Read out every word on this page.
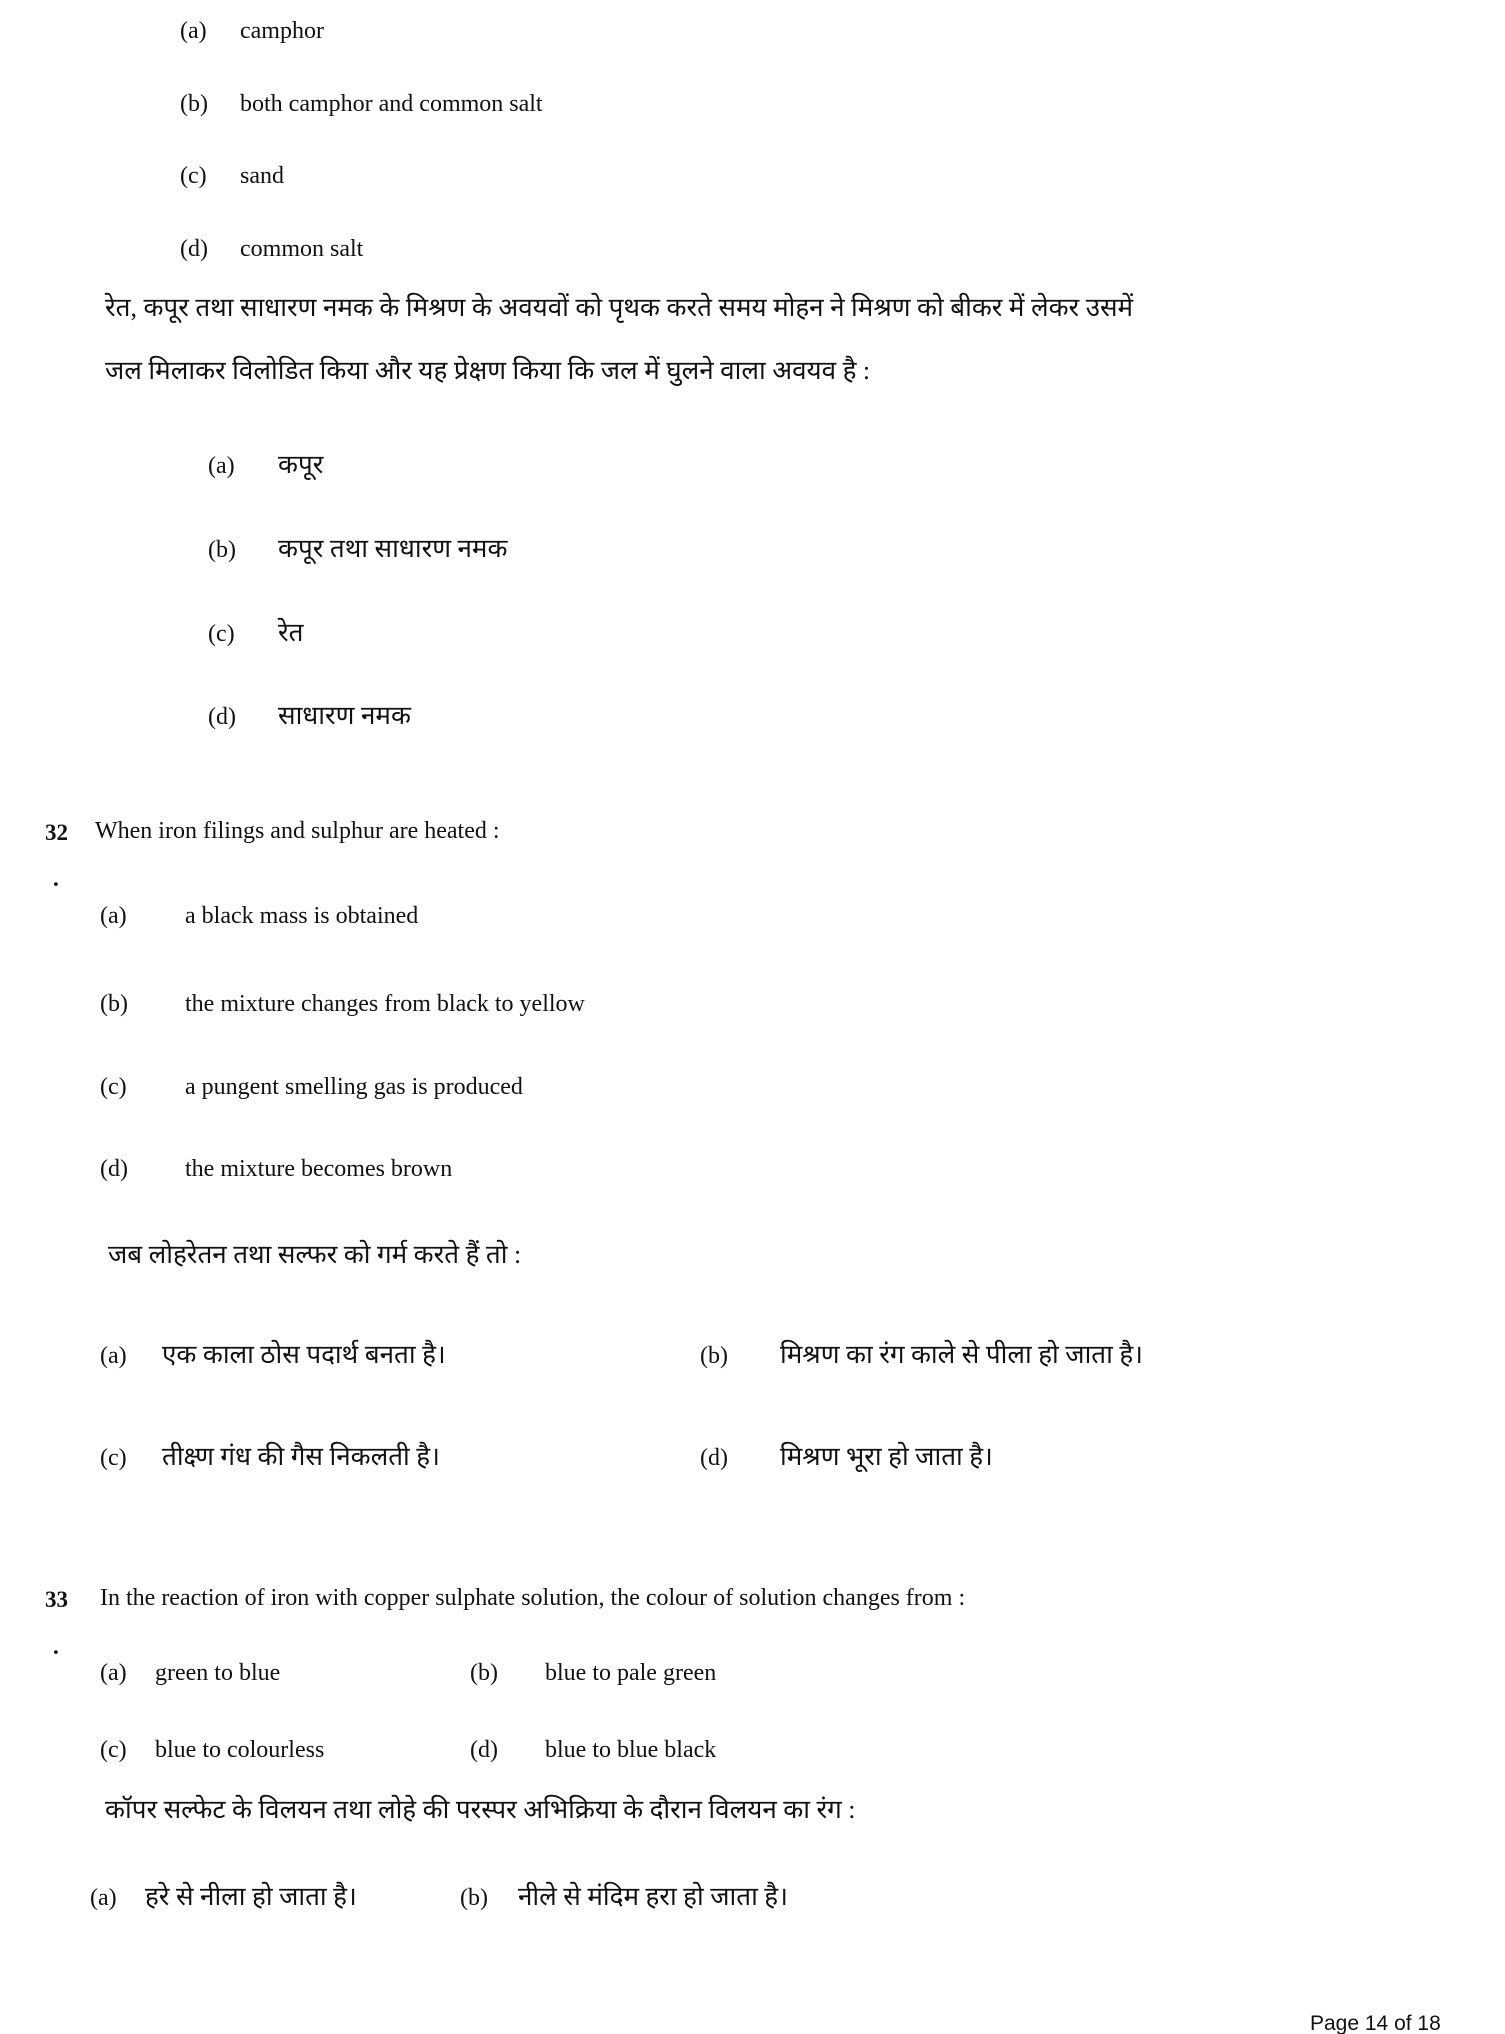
(a) camphor
(b) both camphor and common salt
(c) sand
(d) common salt
रेत, कपूर तथा साधारण नमक के मिश्रण के अवयवों को पृथक करते समय मोहन ने मिश्रण को बीकर में लेकर उसमें
जल मिलाकर विलोडित किया और यह प्रेक्षण किया कि जल में घुलने वाला अवयव है :
(a) कपूर
(b) कपूर तथा साधारण नमक
(c) रेत
(d) साधारण नमक
32
.
When iron filings and sulphur are heated :
(a) a black mass is obtained
(b) the mixture changes from black to yellow
(c) a pungent smelling gas is produced
(d) the mixture becomes brown
जब लोहरेतन तथा सल्फर को गर्म करते हैं तो :
(a) एक काला ठोस पदार्थ बनता है।	(b) मिश्रण का रंग काले से पीला हो जाता है।
(c) तीक्ष्ण गंध की गैस निकलती है।	(d) मिश्रण भूरा हो जाता है।
33
.
In the reaction of iron with copper sulphate solution, the colour of solution changes from :
(a) green to blue	(b) blue to pale green
(c) blue to colourless	(d) blue to blue black
कॉपर सल्फेट के विलयन तथा लोहे की परस्पर अभिक्रिया के दौरान विलयन का रंग :
(a) हरे से नीला हो जाता है।	(b) नीले से मंदिम हरा हो जाता है।
Page 14 of 18
